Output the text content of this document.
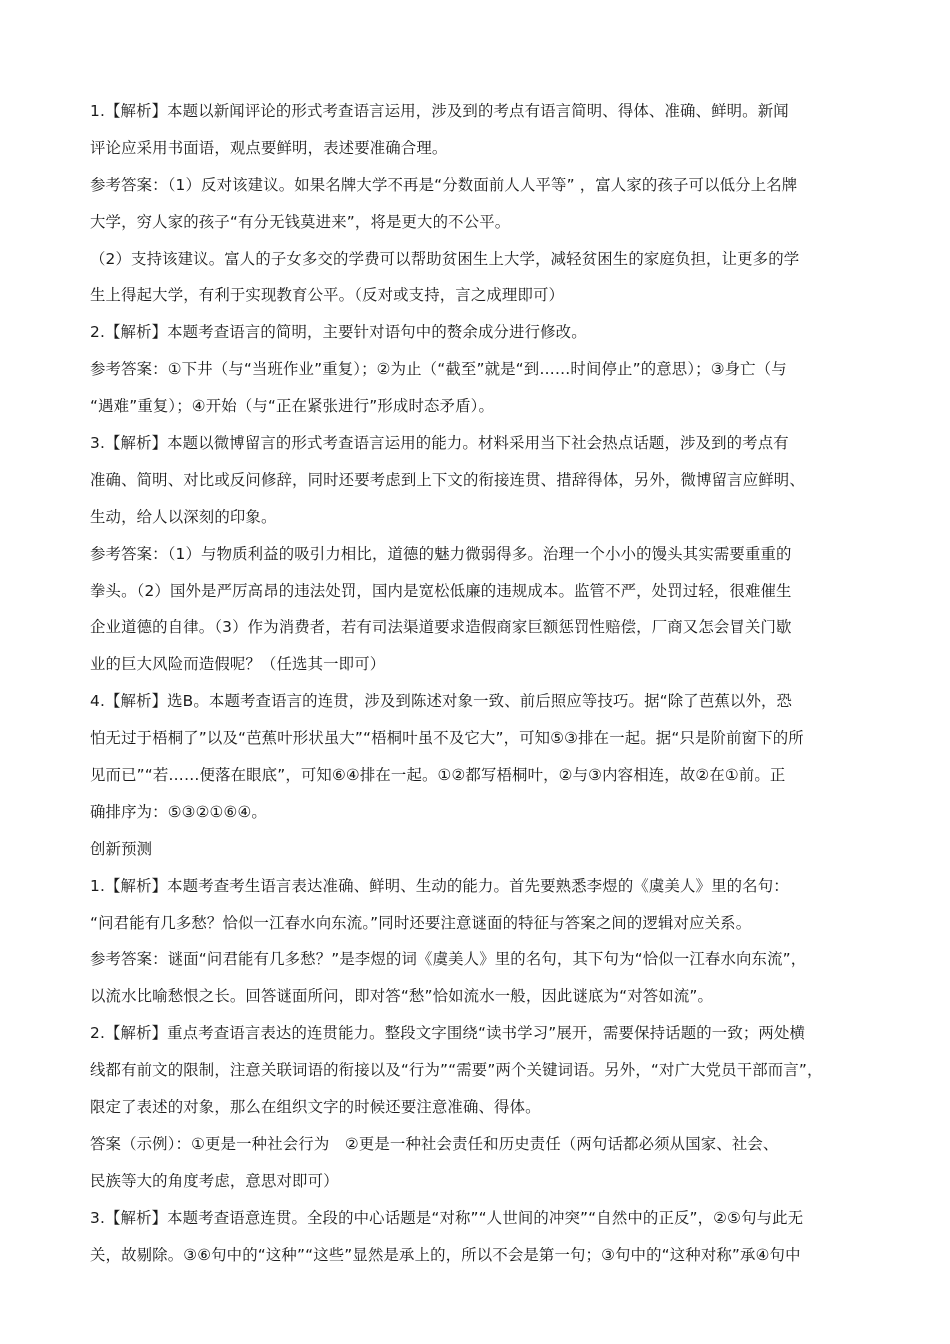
1.【解析】本题以新闻评论的形式考查语言运用，涉及到的考点有语言简明、得体、准确、鲜明。新闻
评论应采用书面语，观点要鲜明，表述要准确合理。
参考答案：（1）反对该建议。如果名牌大学不再是“分数面前人人平等” ，富人家的孩子可以低分上名牌
大学，穷人家的孩子“有分无钱莫进来”，将是更大的不公平。
（2）支持该建议。富人的子女多交的学费可以帮助贫困生上大学，减轻贫困生的家庭负担，让更多的学
生上得起大学，有利于实现教育公平。（反对或支持，言之成理即可）
2.【解析】本题考查语言的简明，主要针对语句中的赘余成分进行修改。
参考答案：①下井（与“当班作业”重复）；②为止（“截至”就是“到……时间停止”的意思）；③身亡（与
“遇难”重复）；④开始（与“正在紧张进行”形成时态矛盾）。
3.【解析】本题以微博留言的形式考查语言运用的能力。材料采用当下社会热点话题，涉及到的考点有
准确、简明、对比或反问修辞，同时还要考虑到上下文的衔接连贯、措辞得体，另外，微博留言应鲜明、
生动，给人以深刻的印象。
参考答案：（1）与物质利益的吸引力相比，道德的魅力微弱得多。治理一个小小的馒头其实需要重重的
拳头。（2）国外是严厉高昂的违法处罚，国内是宽松低廉的违规成本。监管不严，处罚过轻，很难催生
企业道德的自律。（3）作为消费者，若有司法渠道要求造假商家巨额惩罚性赔偿，厂商又怎会冒关门歇
业的巨大风险而造假呢？（任选其一即可）
4.【解析】选B。本题考查语言的连贯，涉及到陈述对象一致、前后照应等技巧。据“除了芭蕉以外，恐
怕无过于梧桐了”以及“芭蕉叶形状虽大”“梧桐叶虽不及它大”，可知⑤③排在一起。据“只是阶前窗下的所
见而已”“若……便落在眼底”，可知⑥④排在一起。①②都写梧桐叶，②与③内容相连，故②在①前。正
确排序为：⑤③②①⑥④。
创新预测
1.【解析】本题考查考生语言表达准确、鲜明、生动的能力。首先要熟悉李煜的《虞美人》里的名句：
“问君能有几多愁？恰似一江春水向东流。”同时还要注意谜面的特征与答案之间的逻辑对应关系。
参考答案：谜面“问君能有几多愁？”是李煜的词《虞美人》里的名句，其下句为“恰似一江春水向东流”，
以流水比喻愁恨之长。回答谜面所问，即对答“愁”恰如流水一般，因此谜底为“对答如流”。
2.【解析】重点考查语言表达的连贯能力。整段文字围绕“读书学习”展开，需要保持话题的一致；两处横
线都有前文的限制，注意关联词语的衔接以及“行为”“需要”两个关键词语。另外，“对广大党员干部而言”，
限定了表述的对象，那么在组织文字的时候还要注意准确、得体。
答案（示例）：①更是一种社会行为　②更是一种社会责任和历史责任（两句话都必须从国家、社会、
民族等大的角度考虑，意思对即可）
3.【解析】本题考查语意连贯。全段的中心话题是“对称”“人世间的冲突”“自然中的正反”，②⑤句与此无
关，故剔除。③⑥句中的“这种”“这些”显然是承上的，所以不会是第一句；③句中的“这种对称”承④句中
